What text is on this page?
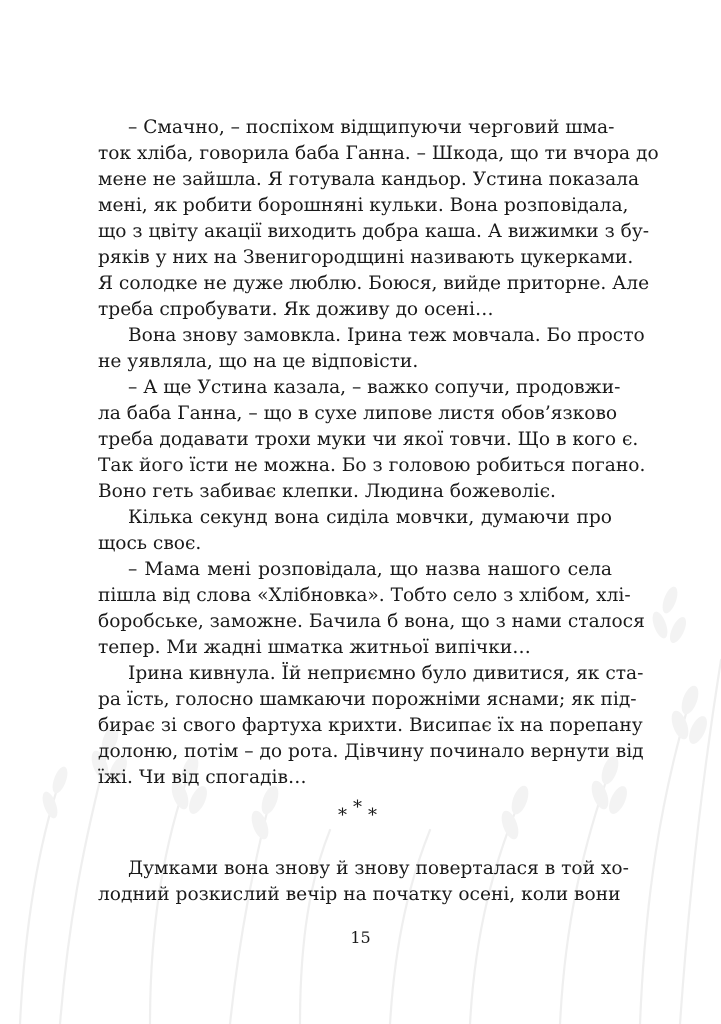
– Смачно, – поспіхом відщипуючи черговий шма-
ток хліба, говорила баба Ганна. – Шкода, що ти вчора до
мене не зайшла. Я готувала кандьор. Устина показала
мені, як робити борошняні кульки. Вона розповідала,
що з цвіту акації виходить добра каша. А вижимки з бу-
ряків у них на Звенигородщині називають цукерками.
Я солодке не дуже люблю. Боюся, вийде приторне. Але
треба спробувати. Як доживу до осені…
Вона знову замовкла. Ірина теж мовчала. Бо просто
не уявляла, що на це відповісти.
– А ще Устина казала, – важко сопучи, продовжи-
ла баба Ганна, – що в сухе липове листя обов’язково
треба додавати трохи муки чи якої товчи. Що в кого є.
Так його їсти не можна. Бо з головою робиться погано.
Воно геть забиває клепки. Людина божеволіє.
Кілька секунд вона сиділа мовчки, думаючи про
щось своє.
– Мама мені розповідала, що назва нашого села
пішла від слова «Хлібновка». Тобто село з хлібом, хлі-
боробське, заможне. Бачила б вона, що з нами сталося
тепер. Ми жадні шматка житньої випічки…
Ірина кивнула. Їй неприємно було дивитися, як ста-
ра їсть, голосно шамкаючи порожніми яснами; як під-
бирає зі свого фартуха крихти. Висипає їх на порепану
долоню, потім – до рота. Дівчину починало вернути від
їжі. Чи від спогадів…
***
Думками вона знову й знову поверталася в той хо-
лодний розкислий вечір на початку осені, коли вони
15
